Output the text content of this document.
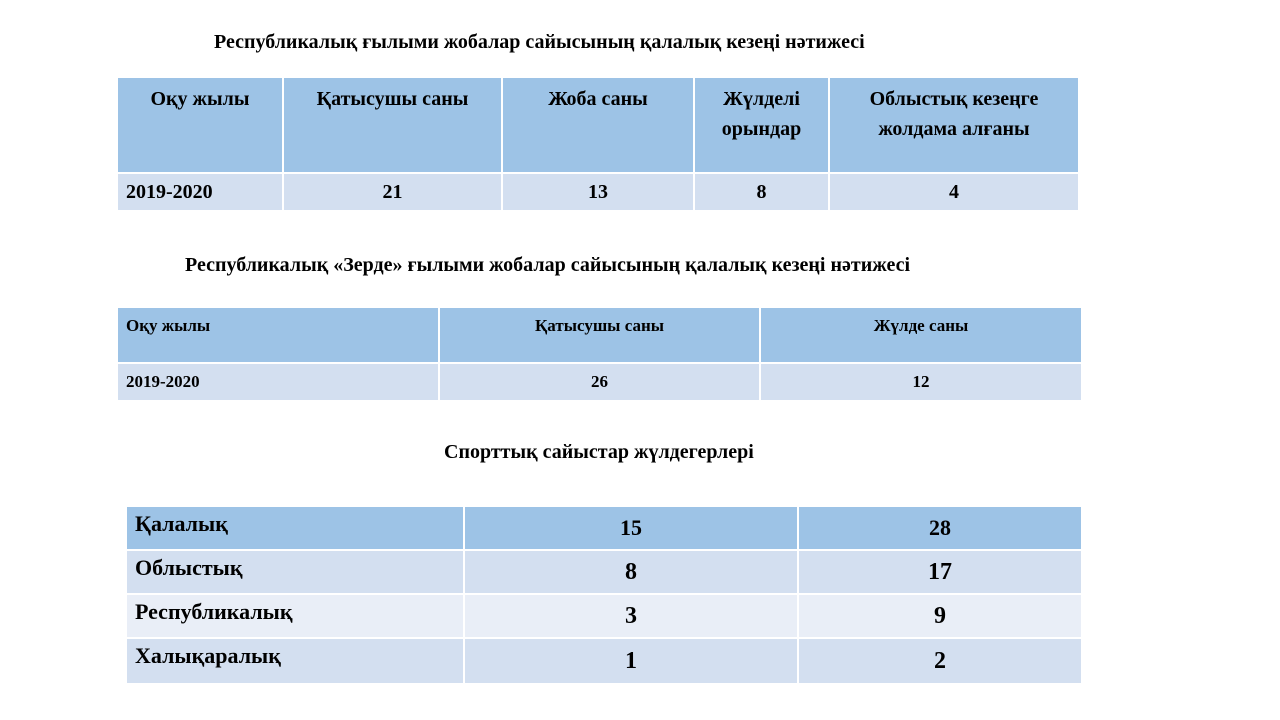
Республикалық ғылыми жобалар сайысының қалалық кезеңі нәтижесі
Оқу жылы	Қатысушы саны	Жоба саны	Жүлделі орындар	Облыстық кезеңге жолдама алғаны
2019-2020	21	13	8	4
Республикалық «Зерде» ғылыми жобалар сайысының қалалық кезеңі нәтижесі
Оқу жылы	Қатысушы саны	Жүлде саны
2019-2020	26	12
Спорттық сайыстар жүлдегерлері
Қалалық	15	28
Облыстық	8	17
Республикалық	3	9
Халықаралық	1	2
